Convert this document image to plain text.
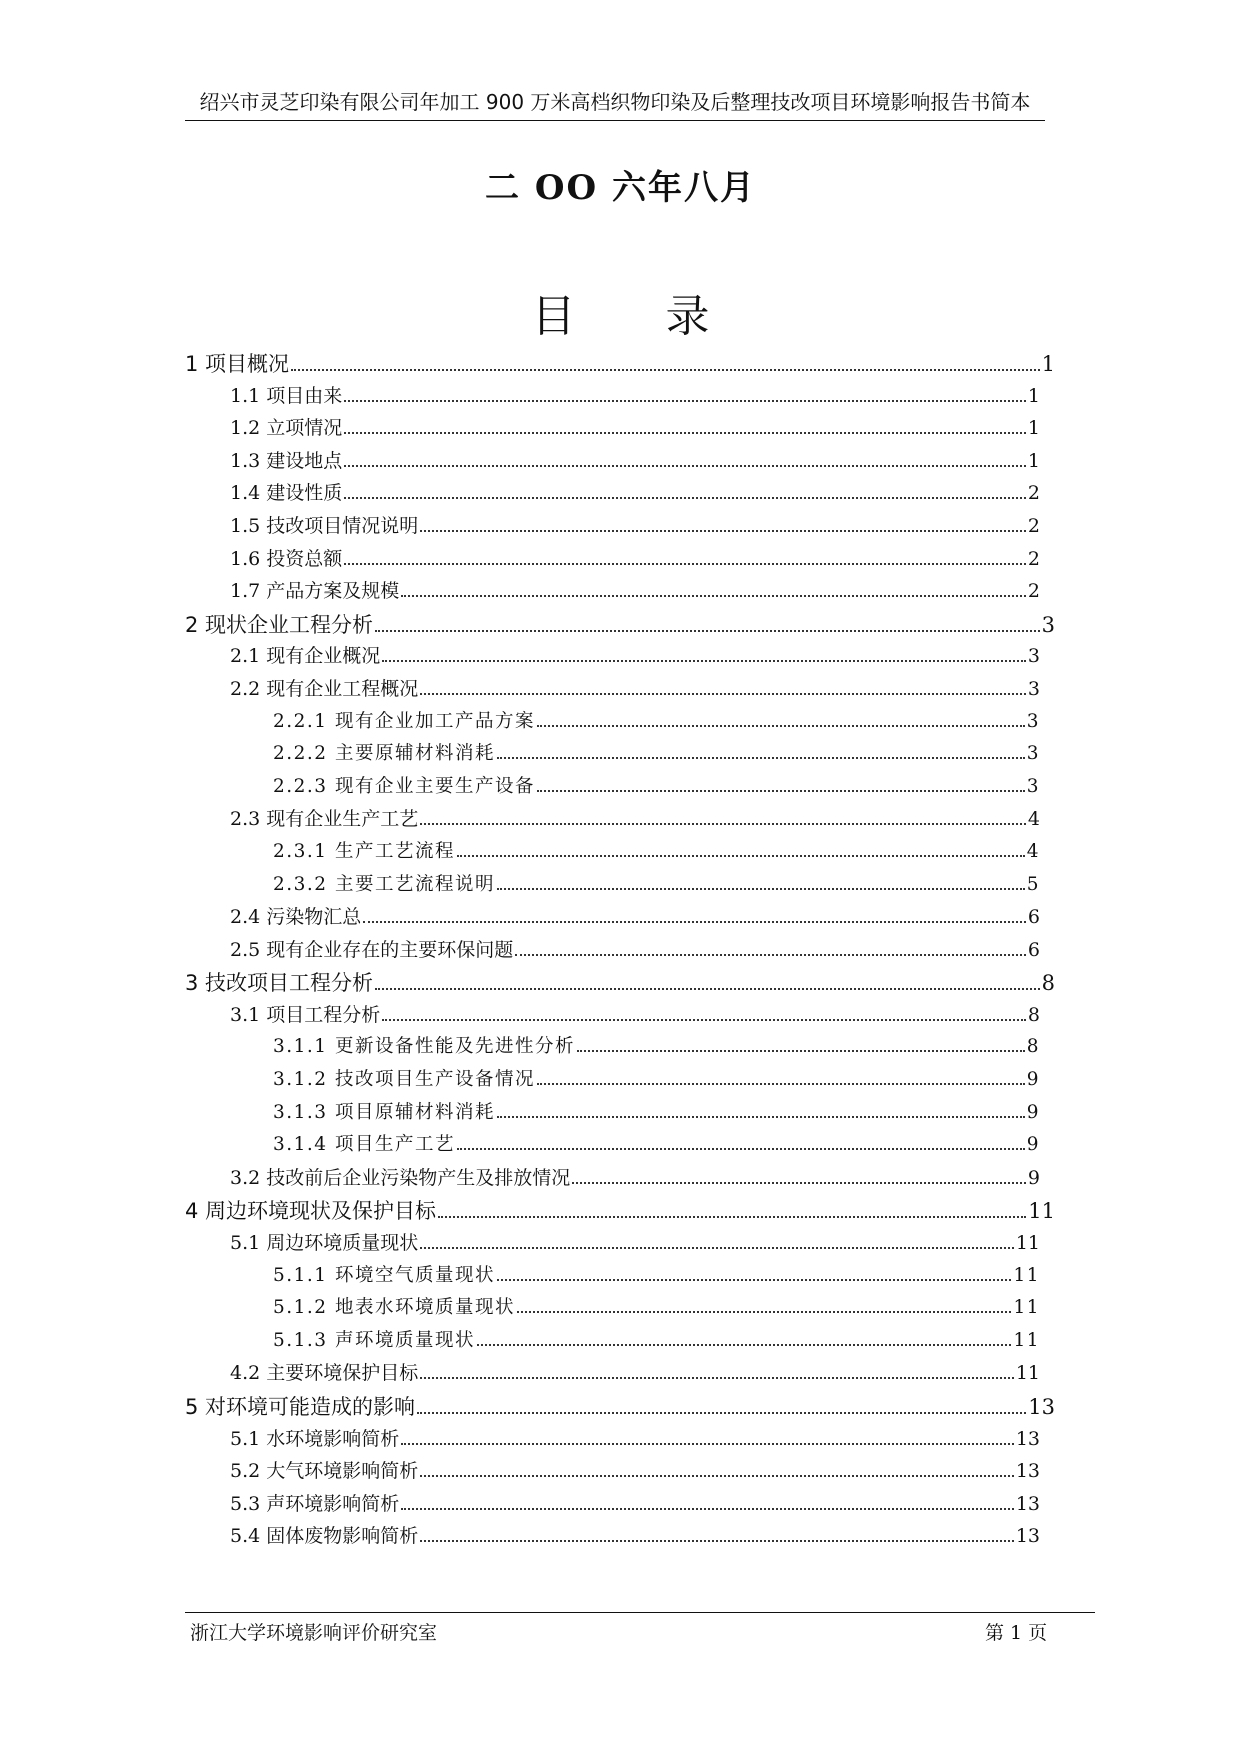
绍兴市灵芝印染有限公司年加工 900 万米高档织物印染及后整理技改项目环境影响报告书简本
二 OO 六年八月
目 录
1 项目概况	1
1.1 项目由来	1
1.2 立项情况	1
1.3 建设地点	1
1.4 建设性质	2
1.5 技改项目情况说明	2
1.6 投资总额	2
1.7 产品方案及规模	2
2 现状企业工程分析	3
2.1 现有企业概况	3
2.2 现有企业工程概况	3
2.2.1 现有企业加工产品方案	3
2.2.2 主要原辅材料消耗	3
2.2.3 现有企业主要生产设备	3
2.3 现有企业生产工艺	4
2.3.1 生产工艺流程	4
2.3.2 主要工艺流程说明	5
2.4 污染物汇总	6
2.5 现有企业存在的主要环保问题	6
3 技改项目工程分析	8
3.1 项目工程分析	8
3.1.1 更新设备性能及先进性分析	8
3.1.2 技改项目生产设备情况	9
3.1.3 项目原辅材料消耗	9
3.1.4 项目生产工艺	9
3.2 技改前后企业污染物产生及排放情况	9
4 周边环境现状及保护目标	11
5.1 周边环境质量现状	11
5.1.1 环境空气质量现状	11
5.1.2 地表水环境质量现状	11
5.1.3 声环境质量现状	11
4.2 主要环境保护目标	11
5 对环境可能造成的影响	13
5.1 水环境影响简析	13
5.2 大气环境影响简析	13
5.3 声环境影响简析	13
5.4 固体废物影响简析	13
浙江大学环境影响评价研究室	第 1 页
